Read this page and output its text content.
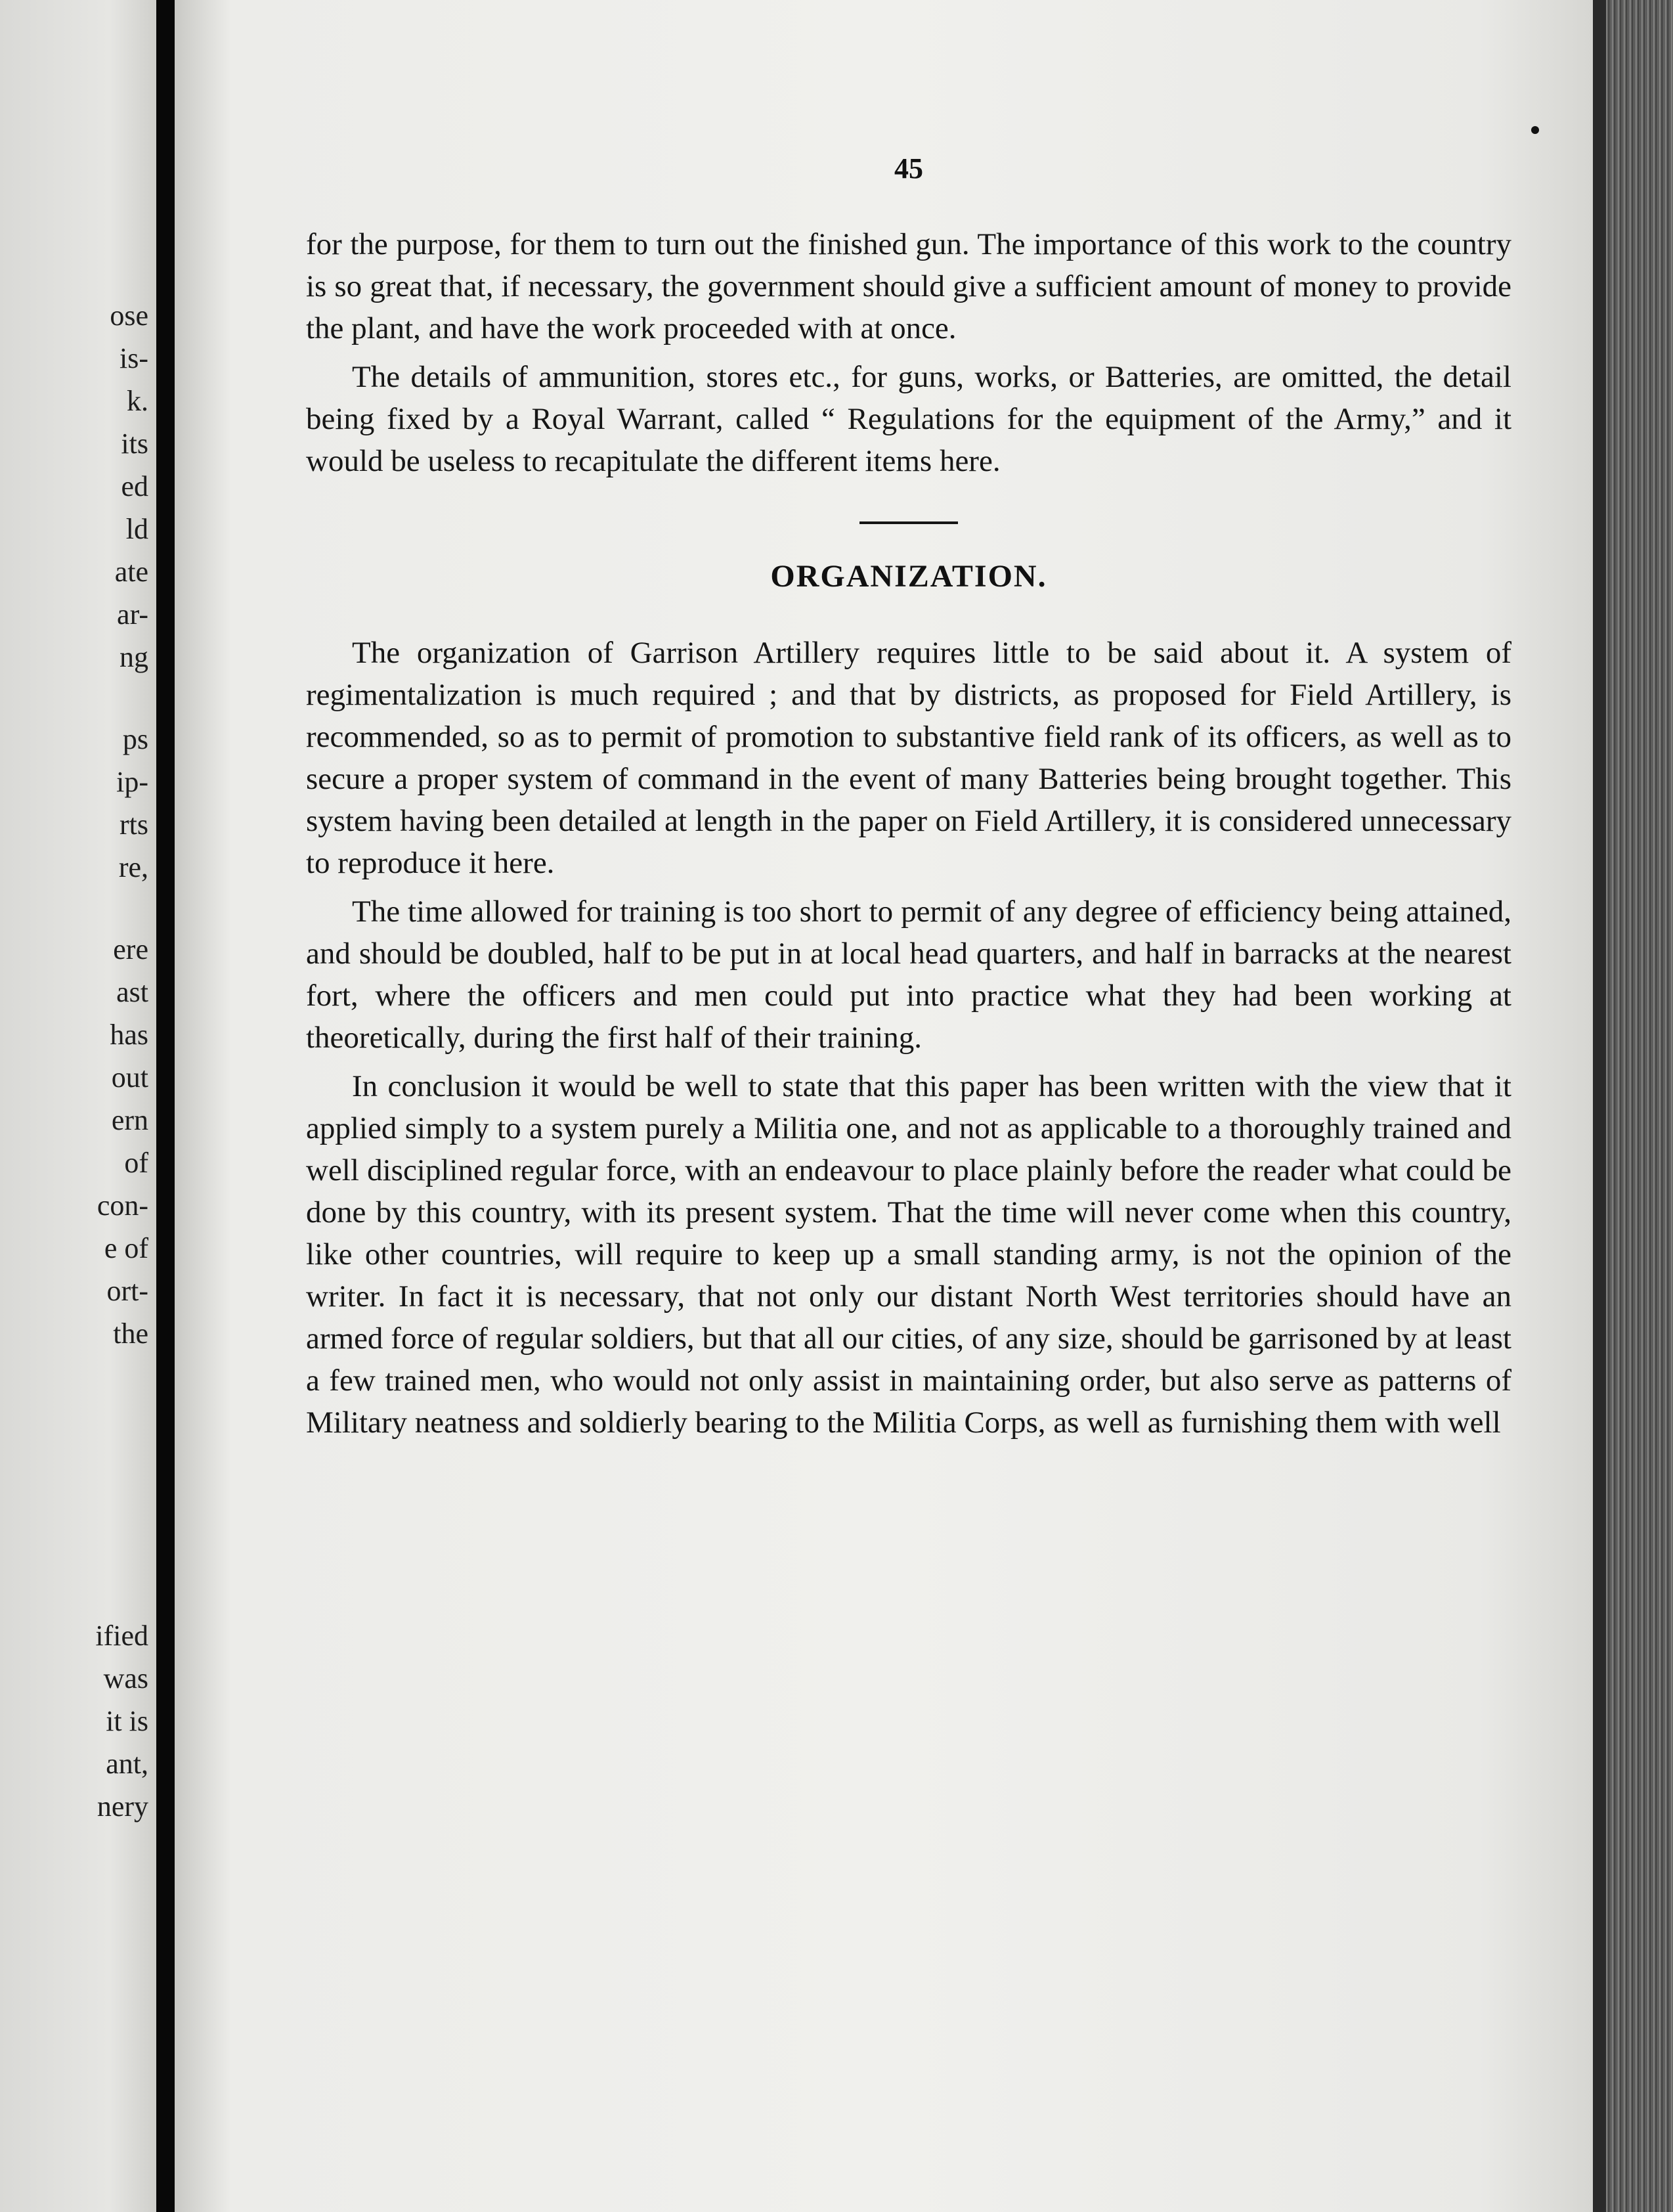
ose
is-
k.
its
ed
ld
ate
ar-
ng
ps
ip-
rts
re,
ere
ast
has
out
ern
of
con-
e of
ort-
the
ified
was
it is
ant,
nery
45

for the purpose, for them to turn out the finished gun. The importance of this work to the country is so great that, if necessary, the government should give a sufficient amount of money to provide the plant, and have the work proceeded with at once.

The details of ammunition, stores etc., for guns, works, or Batteries, are omitted, the detail being fixed by a Royal Warrant, called “ Regulations for the equipment of the Army,” and it would be useless to recapitulate the different items here.

ORGANIZATION.

The organization of Garrison Artillery requires little to be said about it. A system of regimentalization is much required ; and that by districts, as proposed for Field Artillery, is recommended, so as to permit of promotion to substantive field rank of its officers, as well as to secure a proper system of command in the event of many Batteries being brought together. This system having been detailed at length in the paper on Field Artillery, it is considered unnecessary to reproduce it here.

The time allowed for training is too short to permit of any degree of efficiency being attained, and should be doubled, half to be put in at local head quarters, and half in barracks at the nearest fort, where the officers and men could put into practice what they had been working at theoretically, during the first half of their training.

In conclusion it would be well to state that this paper has been written with the view that it applied simply to a system purely a Militia one, and not as applicable to a thoroughly trained and well disciplined regular force, with an endeavour to place plainly before the reader what could be done by this country, with its present system. That the time will never come when this country, like other countries, will require to keep up a small standing army, is not the opinion of the writer. In fact it is necessary, that not only our distant North West territories should have an armed force of regular soldiers, but that all our cities, of any size, should be garrisoned by at least a few trained men, who would not only assist in maintaining order, but also serve as patterns of Military neatness and soldierly bearing to the Militia Corps, as well as furnishing them with well
